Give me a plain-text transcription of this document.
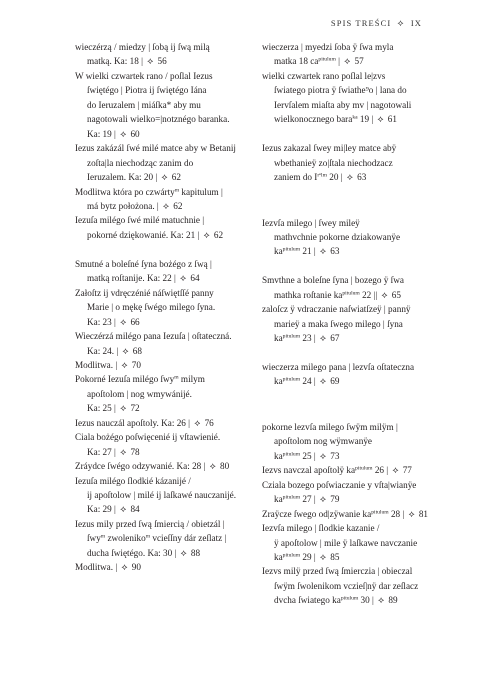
SPIS TREŚCI ⟡ IX
wieczérzą / miedzy | ſobą ij ſwą milą
matką. Ka: 18 | ⟡ 56
W wielki czwartek rano / poſlal Iezus
ſwiętégo | Piotra ij ſwiętégo Iána
do Ieruzalem | miáſka* aby mu
nagotowali wielko=|notznégo baranka.
Ka: 19 | ⟡ 60
Iezus zakázál ſwé milé matce aby w Betanij
zoſta|la niechodząc zanim do
Ieruzalem. Ka: 20 | ⟡ 62
Modlitwa która po czwárty$^m$ kapitulum |
má bytz położona. | ⟡ 62
Iezuſa milégo ſwé milé matuchnie |
pokorné dziękowanié. Ka: 21 | ⟡ 62
Smutné a boleſné ſyna bożégo z ſwą |
matką roſtanije. Ka: 22 | ⟡ 64
Załoſtz ij vdręczénié náſwiętſſé panny
Marie | o mękę ſwégo milego ſyna.
Ka: 23 | ⟡ 66
Wieczérzá milégo pana Iezuſa | oſtateczná.
Ka: 24. | ⟡ 68
Modlitwa. | ⟡ 70
Pokorné Iezuſa milégo ſwy$^m$ milym
apoſtolom | nog wmywánijé.
Ka: 25 | ⟡ 72
Iezus nauczál apoſtoly. Ka: 26 | ⟡ 76
Ciala bożégo poſwięcenié ij vſtawienié.
Ka: 27 | ⟡ 78
Zráydce ſwégo odzywanié. Ka: 28 | ⟡ 80
Iezuſa milégo ſlodkié kázanijé /
ij apoſtolow | milé ij laſkawé nauczanijé.
Ka: 29 | ⟡ 84
Iezus mily przed ſwą ſmiercią / obietzál |
ſwy$^m$ zwoleniko$^m$ vcieſſny dár zeſlatz |
ducha ſwiętégo. Ka: 30 | ⟡ 88
Modlitwa. | ⟡ 90
wieczerza | myedzi ſoba ÿ ſwa myla
matka 18 $ca^{pitulum}$ | ⟡ 57
wielki czwartek rano poſlal le|zvs
ſwiatego piotra ÿ ſwiathe⁹o | lana do
Iervſalem miaſta aby mv | nagotowali
wielkonocznego bara$^{ka}$ 19 | ⟡ 61
Iezus zakazal ſwey mi|ley matce abÿ
wbethanieÿ zo|ſtala niechodzacz
zaniem do $I^{r^nlm}$ 20 | ⟡ 63
Iezvſa milego | ſwey mileÿ
mathvchnie pokorne dziakowanÿe
$ka^{pitulum}$ 21 | ⟡ 63
Smvthne a boleſne ſyna | bozego ÿ ſwa
mathka roſtanie $ka^{pitulum}$ 22 || ⟡ 65
zaloſcz ÿ vdraczanie naſwiatſzeÿ | pannÿ
marieÿ a maka ſwego milego | ſyna
$ka^{pitulum}$ 23 | ⟡ 67
wieczerza milego pana | lezvſa oſtateczna
$ka^{pitulum}$ 24 | ⟡ 69
pokorne lezvſa milego ſwÿm milÿm |
apoſtolom nog wÿmwanÿe
$ka^{pitulum}$ 25 | ⟡ 73
Iezvs navczal apoſtolÿ $ka^{pitulum}$ 26 | ⟡ 77
Cziala bozego poſwiaczanie y vſta|wianÿe
$ka^{pitulum}$ 27 | ⟡ 79
Zraÿcze ſwego od|zÿwanie $ka^{pitulum}$ 28 | ⟡ 81
Iezvſa milego | ſlodkie kazanie /
ÿ apoſtolow | mile ÿ laſkawe navczanie
$ka^{pitulum}$ 29 | ⟡ 85
Iezvs milÿ przed ſwą ſmierczia | obieczal
ſwÿm ſwolenikom vczieſ|nÿ dar zeſlacz
dvcha ſwiatego $ka^{pitulum}$ 30 | ⟡ 89
